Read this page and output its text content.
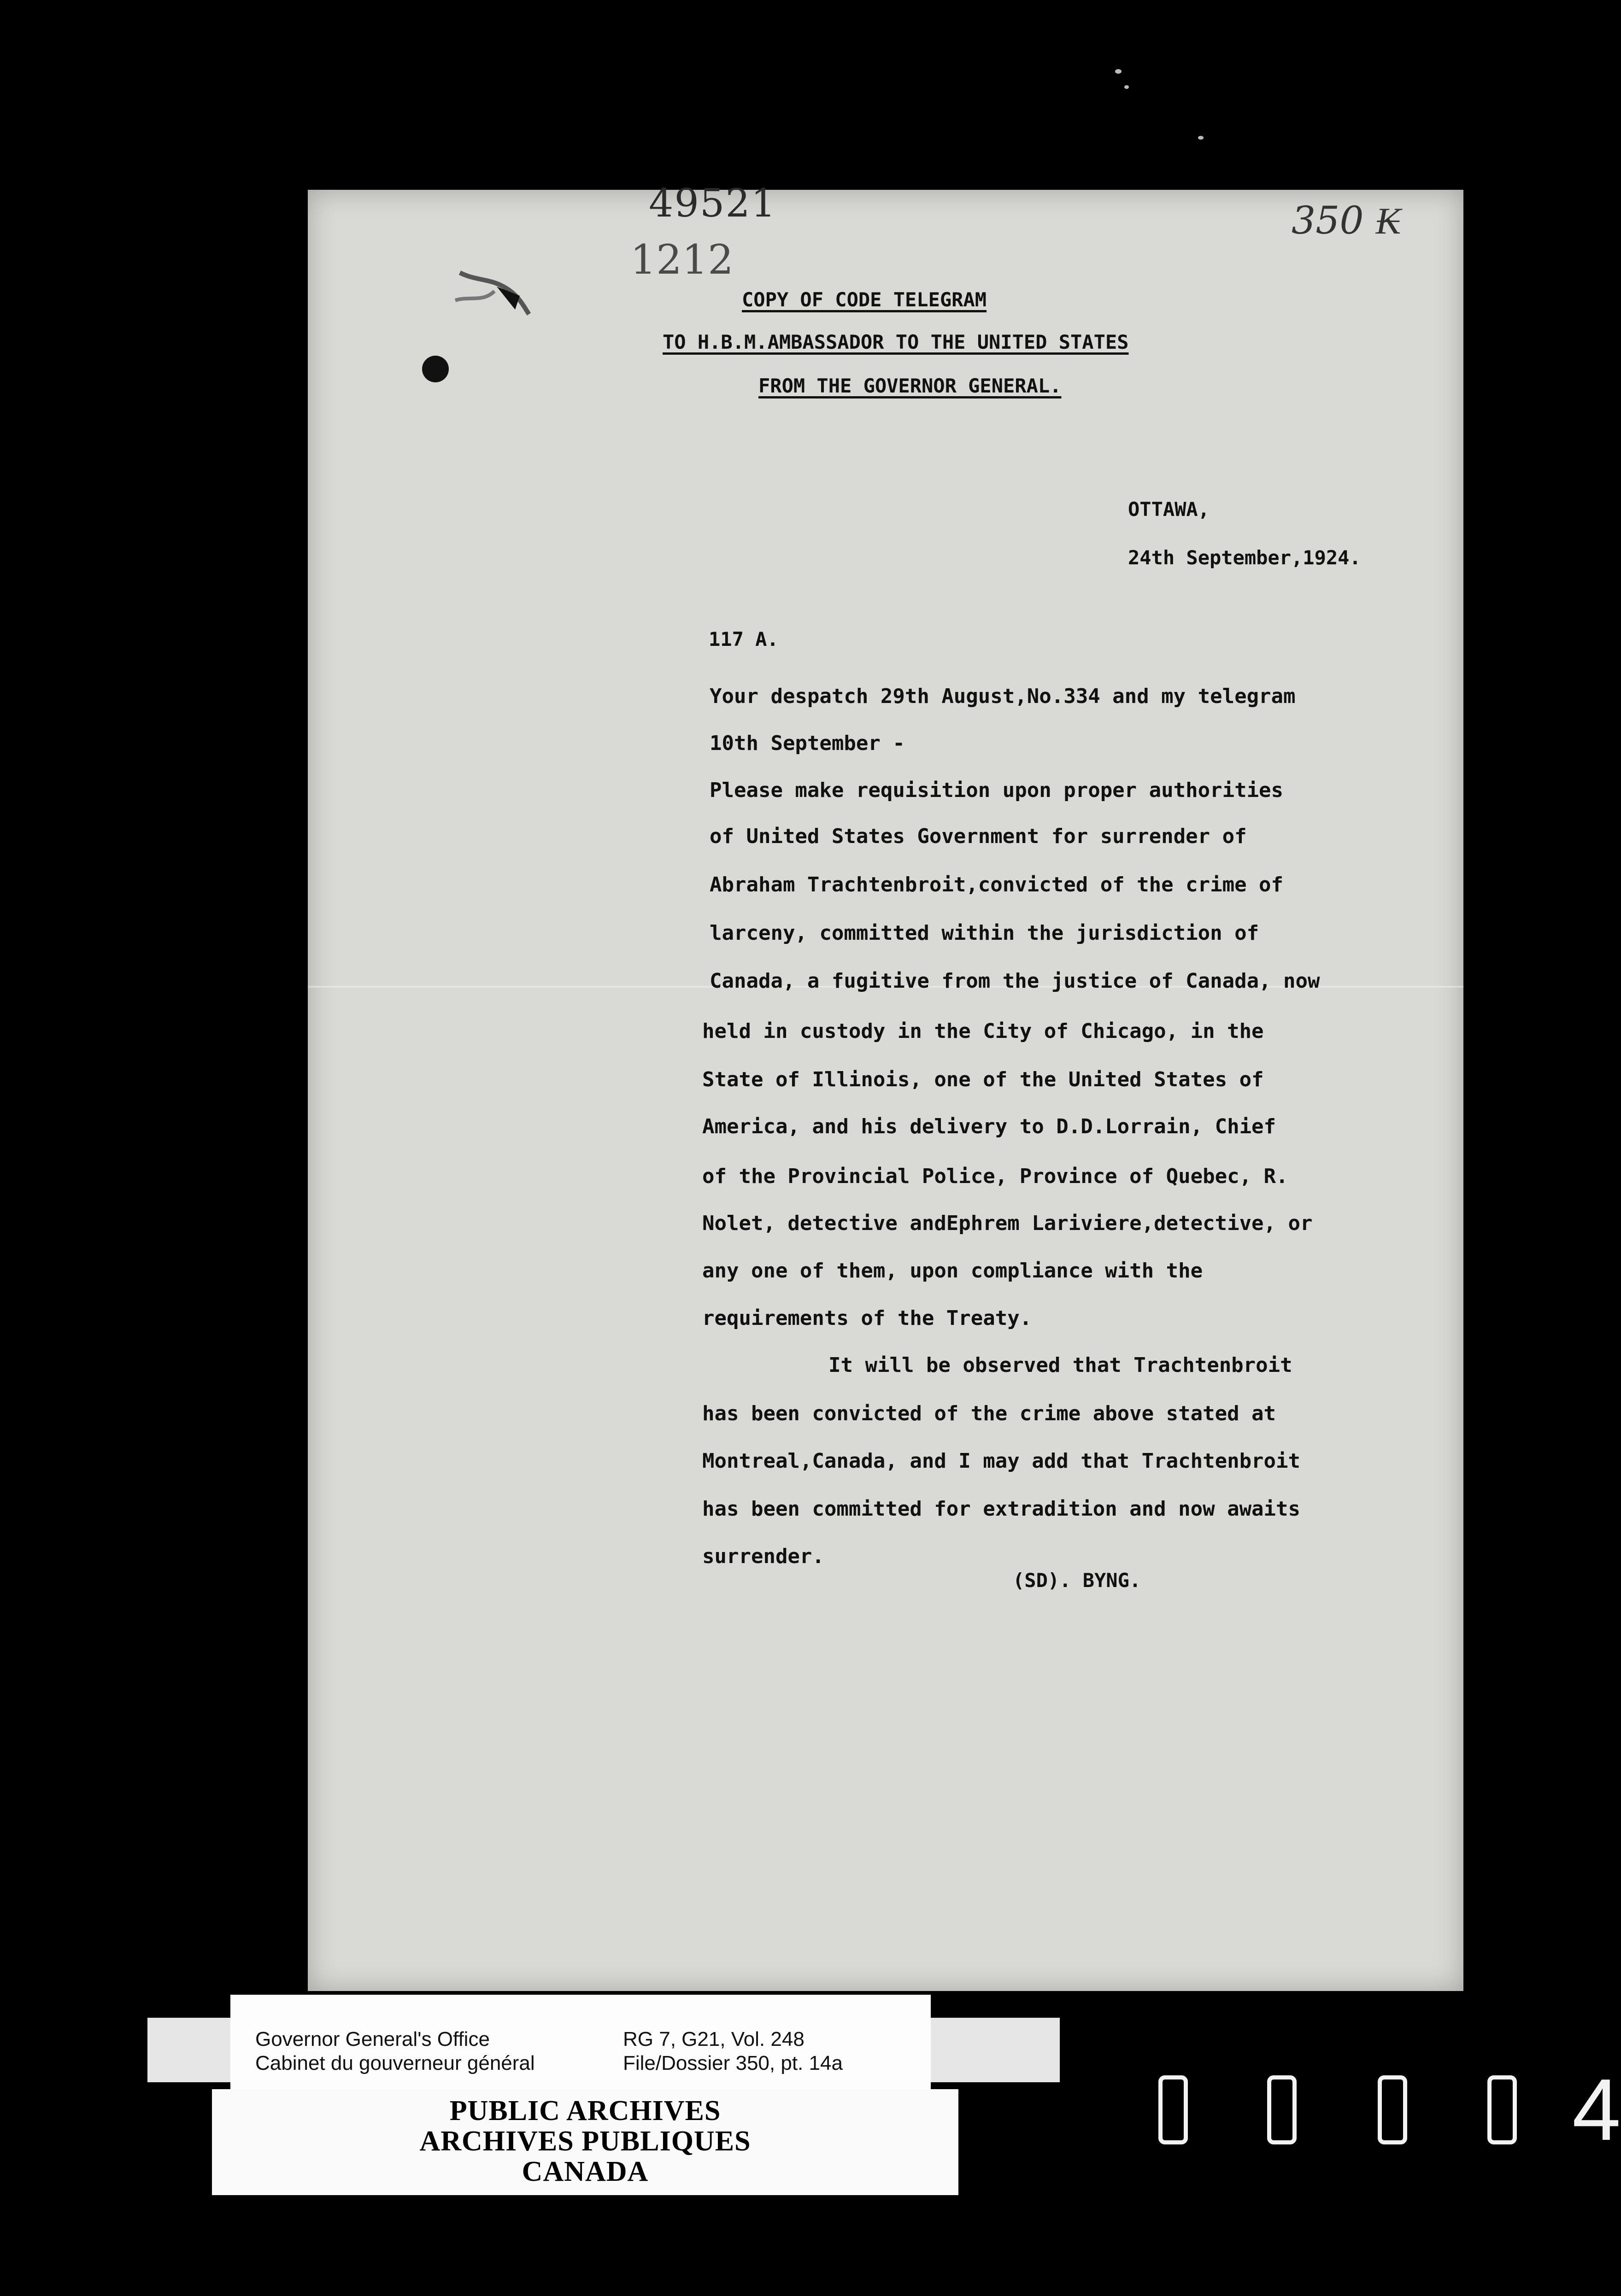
49521
1212
350 ₭
COPY OF CODE TELEGRAM
TO H.B.M.AMBASSADOR TO THE UNITED STATES
FROM THE GOVERNOR GENERAL.
OTTAWA,
24th September,1924.
117 A.
Your despatch 29th August,No.334 and my telegram
10th September -
Please make requisition upon proper authorities
of United States Government for surrender of
Abraham Trachtenbroit,convicted of the crime of
larceny, committed within the jurisdiction of
Canada, a fugitive from the justice of Canada, now
held in custody in the City of Chicago, in the
State of Illinois, one of the United States of
America, and his delivery to D.D.Lorrain, Chief
of the Provincial Police, Province of Quebec, R.
Nolet, detective andEphrem Lariviere,detective, or
any one of them, upon compliance with the
requirements of the Treaty.
It will be observed that Trachtenbroit
has been convicted of the crime above stated at
Montreal,Canada, and I may add that Trachtenbroit
has been committed for extradition and now awaits
surrender.
(SD). BYNG.
Governor General's Office
Cabinet du gouverneur général
RG 7, G21, Vol. 248
File/Dossier 350, pt. 14a
PUBLIC ARCHIVES
ARCHIVES PUBLIQUES
CANADA
4
